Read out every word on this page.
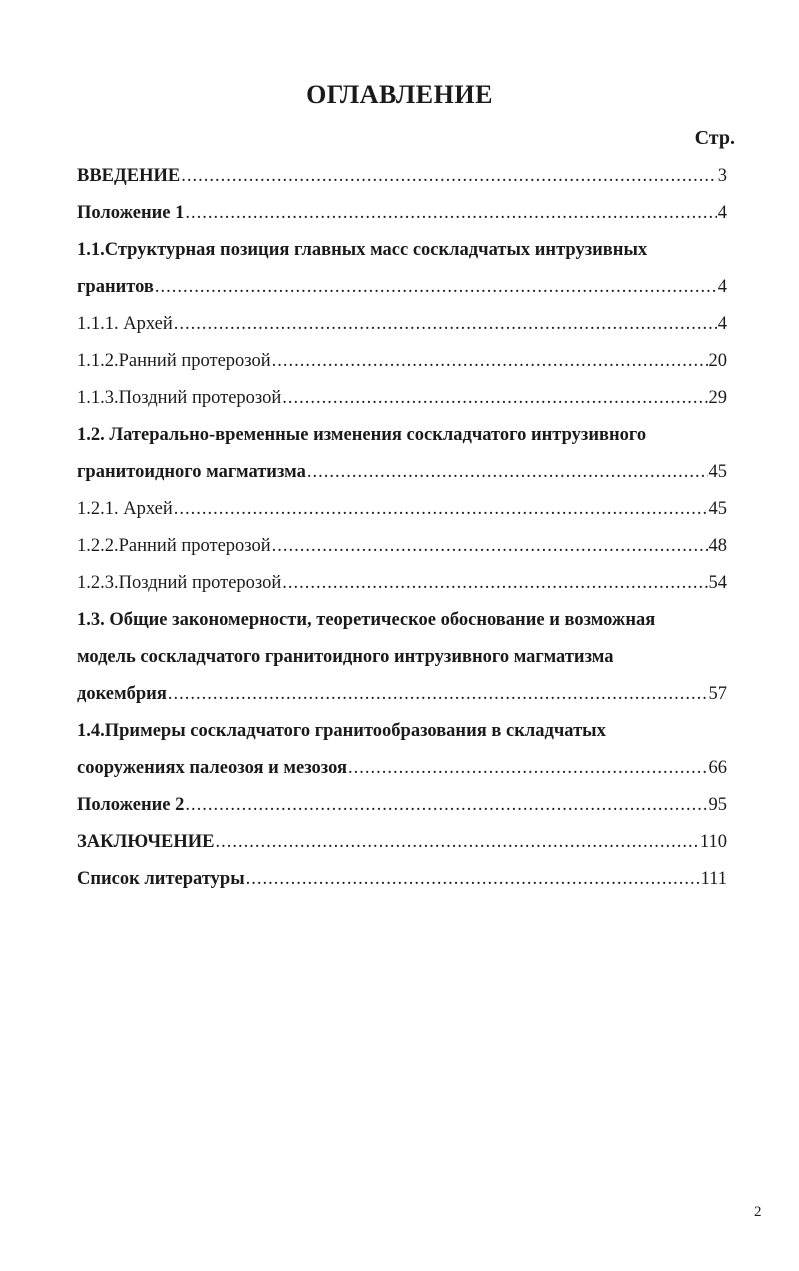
ОГЛАВЛЕНИЕ
Стр.
ВВЕДЕНИЕ .....	3
Положение 1 .....	4
1.1.Структурная позиция главных масс соскладчатых интрузивных
гранитов .....	4
1.1.1. Архей .....	4
1.1.2.Ранний протерозой .....	20
1.1.3.Поздний протерозой .....	29
1.2. Латерально-временные изменения соскладчатого интрузивного
гранитоидного магматизма .....	45
1.2.1. Архей .....	45
1.2.2.Ранний протерозой .....	48
1.2.3.Поздний протерозой .....	54
1.3. Общие закономерности, теоретическое обоснование и возможная
модель соскладчатого гранитоидного интрузивного магматизма
докембрия .....	57
1.4.Примеры соскладчатого гранитообразования в складчатых
сооружениях палеозоя и мезозоя .....	66
Положение 2 .....	95
ЗАКЛЮЧЕНИЕ .....	110
Список литературы .....	111
2
